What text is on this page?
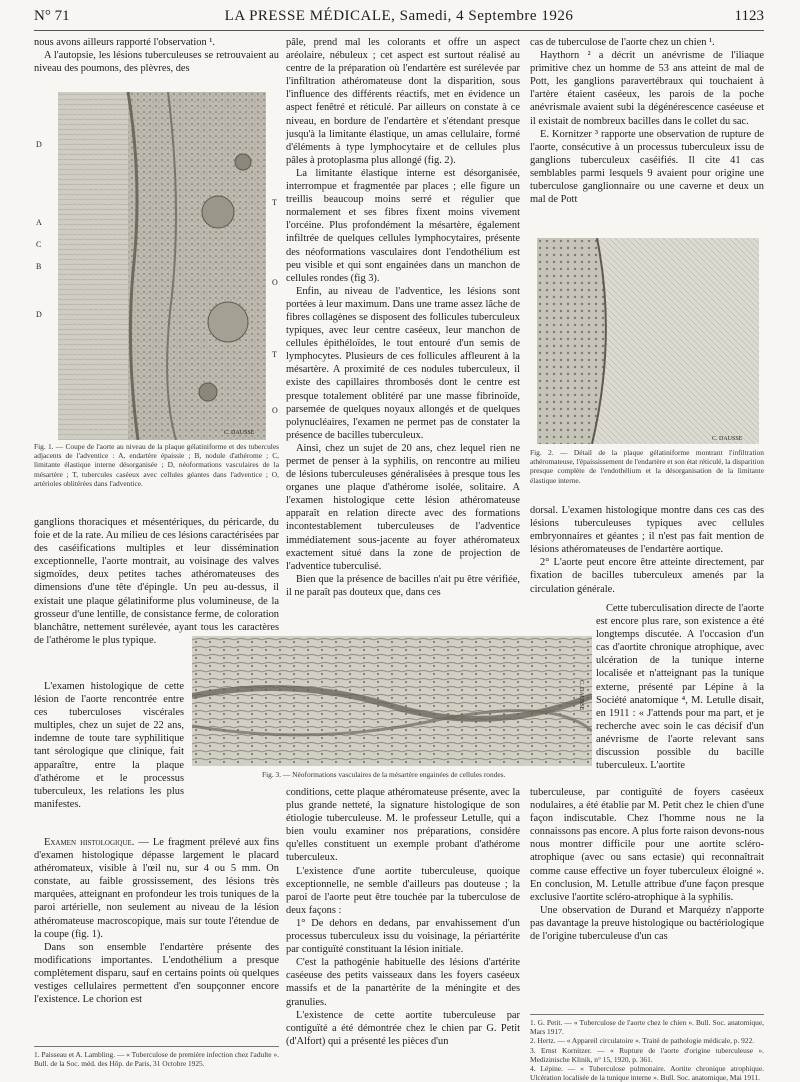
N° 71	LA PRESSE MÉDICALE, Samedi, 4 Septembre 1926	1123

nous avons ailleurs rapporté l'observation ¹.

A l'autopsie, les lésions tuberculeuses se retrouvaient au niveau des poumons, des plèvres, des

D
A
C
B
D
T
O
T
O
C. DAUSSE
Fig. 1. — Coupe de l'aorte au niveau de la plaque gélatiniforme et des tubercules adjacents de l'adventice : A, endartère épaissie ; B, nodule d'athérome ; C, limitante élastique interne désorganisée ; D, néoformations vasculaires de la mésartère ; T, tubercules caséeux avec cellules géantes dans l'adventice ; O, artérioles oblitérées dans l'adventice.

ganglions thoraciques et mésentériques, du péricarde, du foie et de la rate. Au milieu de ces lésions caractérisées par des caséifications multiples et leur dissémination exceptionnelle, l'aorte montrait, au voisinage des valves sigmoïdes, deux petites taches athéromateuses des dimensions d'une tête d'épingle. Un peu au-dessus, il existait une plaque gélatiniforme plus volumineuse, de la grosseur d'une lentille, de consistance ferme, de coloration blanchâtre, nettement surélevée, ayant tous les caractères de l'athérome le plus typique.

L'examen histologique de cette lésion de l'aorte rencontrée entre ces tuberculoses viscérales multiples, chez un sujet de 22 ans, indemne de toute tare syphilitique tant sérologique que clinique, fait apparaître, entre la plaque d'athérome et le processus tuberculeux, les relations les plus manifestes.

Examen histologique. — Le fragment prélevé aux fins d'examen histologique dépasse largement le placard athéromateux, visible à l'œil nu, sur 4 ou 5 mm. On constate, au faible grossissement, des lésions très marquées, atteignant en profondeur les trois tuniques de la paroi artérielle, non seulement au niveau de la lésion athéromateuse macroscopique, mais sur toute l'étendue de la coupe (fig. 1).

Dans son ensemble l'endartère présente des modifications importantes. L'endothélium a presque complètement disparu, sauf en certains points où quelques vestiges cellulaires permettent d'en soupçonner encore l'existence. Le chorion est

1. Paisseau et A. Lambling. — « Tuberculose de première infection chez l'adulte ». Bull. de la Soc. méd. des Hôp. de Paris, 31 Octobre 1925.

pâle, prend mal les colorants et offre un aspect aréolaire, nébuleux ; cet aspect est surtout réalisé au centre de la préparation où l'endartère est surélevée par l'infiltration athéromateuse dont la disparition, sous l'influence des différents réactifs, met en évidence un aspect fenêtré et réticulé. Par ailleurs on constate à ce niveau, en bordure de l'endartère et s'étendant presque jusqu'à la limitante élastique, un amas cellulaire, formé d'éléments à type lymphocytaire et de cellules plus pâles à protoplasma plus allongé (fig. 2).

La limitante élastique interne est désorganisée, interrompue et fragmentée par places ; elle figure un treillis beaucoup moins serré et régulier que normalement et ses fibres fixent moins vivement l'orcéine. Plus profondément la mésartère, également infiltrée de quelques cellules lymphocytaires, présente des néoformations vasculaires dont l'endothélium est peu visible et qui sont engainées dans un manchon de cellules rondes (fig 3).

Enfin, au niveau de l'adventice, les lésions sont portées à leur maximum. Dans une trame assez lâche de fibres collagènes se disposent des follicules tuberculeux typiques, avec leur centre caséeux, leur manchon de cellules épithéloïdes, le tout entouré d'un semis de lymphocytes. Plusieurs de ces follicules affleurent à la mésartère. A proximité de ces nodules tuberculeux, il existe des capillaires thrombosés dont le centre est presque totalement oblitéré par une masse fibrinoïde, parsemée de quelques noyaux allongés et de quelques polynucléaires, l'examen ne permet pas de constater la présence de bacilles tuberculeux.

Ainsi, chez un sujet de 20 ans, chez lequel rien ne permet de penser à la syphilis, on rencontre au milieu de lésions tuberculeuses généralisées à presque tous les organes une plaque d'athérome isolée, solitaire. A l'examen histologique cette lésion athéromateuse apparaît en relation directe avec des formations incontestablement tuberculeuses de l'adventice immédiatement sous-jacente au foyer athéromateux exactement situé dans la zone de projection de l'adventice tuberculisé.

Bien que la présence de bacilles n'ait pu être vérifiée, il ne paraît pas douteux que, dans ces

C. DAUSSE
Fig. 3. — Néoformations vasculaires de la mésartère engainées de cellules rondes.

conditions, cette plaque athéromateuse présente, avec la plus grande netteté, la signature histologique de son étiologie tuberculeuse. M. le professeur Letulle, qui a bien voulu examiner nos préparations, considère qu'elles constituent un exemple probant d'athérome tuberculeux.

L'existence d'une aortite tuberculeuse, quoique exceptionnelle, ne semble d'ailleurs pas douteuse ; la paroi de l'aorte peut être touchée par la tuberculose de deux façons :

1° De dehors en dedans, par envahissement d'un processus tuberculeux issu du voisinage, la périartérite par contiguïté constituant la lésion initiale.

C'est la pathogénie habituelle des lésions d'artérite caséeuse des petits vaisseaux dans les foyers caséeux massifs et de la panartérite de la méningite et des granulies.

L'existence de cette aortite tuberculeuse par contiguïté a été démontrée chez le chien par G. Petit (d'Alfort) qui a présenté les pièces d'un

cas de tuberculose de l'aorte chez un chien ¹.

Haythorn ² a décrit un anévrisme de l'iliaque primitive chez un homme de 53 ans atteint de mal de Pott, les ganglions paravertébraux qui touchaient à l'artère étaient caséeux, les parois de la poche anévrismale avaient subi la dégénérescence caséeuse et il existait de nombreux bacilles dans le collet du sac.

E. Kornitzer ³ rapporte une observation de rupture de l'aorte, consécutive à un processus tuberculeux issu de ganglions tuberculeux caséifiés. Il cite 41 cas semblables parmi lesquels 9 avaient pour origine une tuberculose ganglionnaire ou une caverne et deux un mal de Pott

C. DAUSSE
Fig. 2. — Détail de la plaque gélatiniforme montrant l'infiltration athéromateuse, l'épaississement de l'endartère et son état réticulé, la disparition presque complète de l'endothélium et la désorganisation de la limitante élastique interne.

dorsal. L'examen histologique montre dans ces cas des lésions tuberculeuses typiques avec cellules embryonnaires et géantes ; il n'est pas fait mention de lésions athéromateuses de l'endartère aortique.

2° L'aorte peut encore être atteinte directement, par fixation de bacilles tuberculeux amenés par la circulation générale.

Cette tuberculisation directe de l'aorte est encore plus rare, son existence a été longtemps discutée. A l'occasion d'un cas d'aortite chronique atrophique, avec ulcération de la tunique interne localisée et n'atteignant pas la tunique externe, présenté par Lépine à la Société anatomique ⁴, M. Letulle disait, en 1911 : « J'attends pour ma part, et je recherche avec soin le cas décisif d'un anévrisme de l'aorte relevant sans discussion possible du bacille tuberculeux. L'aortite

tuberculeuse, par contiguïté de foyers caséeux nodulaires, a été établie par M. Petit chez le chien d'une façon indiscutable. Chez l'homme nous ne la connaissons pas encore. A plus forte raison devons-nous nous montrer difficile pour une aortite scléro-atrophique (avec ou sans ectasie) qui reconnaîtrait comme cause effective un foyer tuberculeux éloigné ». En conclusion, M. Letulle attribue d'une façon presque exclusive l'aortite scléro-atrophique à la syphilis.

Une observation de Durand et Marquézy n'apporte pas davantage la preuve histologique ou bactériologique de l'origine tuberculeuse d'un cas

1. G. Petit. — « Tuberculose de l'aorte chez le chien ». Bull. Soc. anatomique, Mars 1917.
2. Hertz. — « Appareil circulatoire ». Traité de pathologie médicale, p. 922.
3. Ernst Kornitzer. — « Rupture de l'aorte d'origine tuberculeuse ». Medizinische Klinik, n° 15, 1920, p. 361.
4. Lépine. — « Tuberculose pulmonaire. Aortite chronique atrophique. Ulcération localisée de la tunique interne ». Bull. Soc. anatomique, Mai 1911.
